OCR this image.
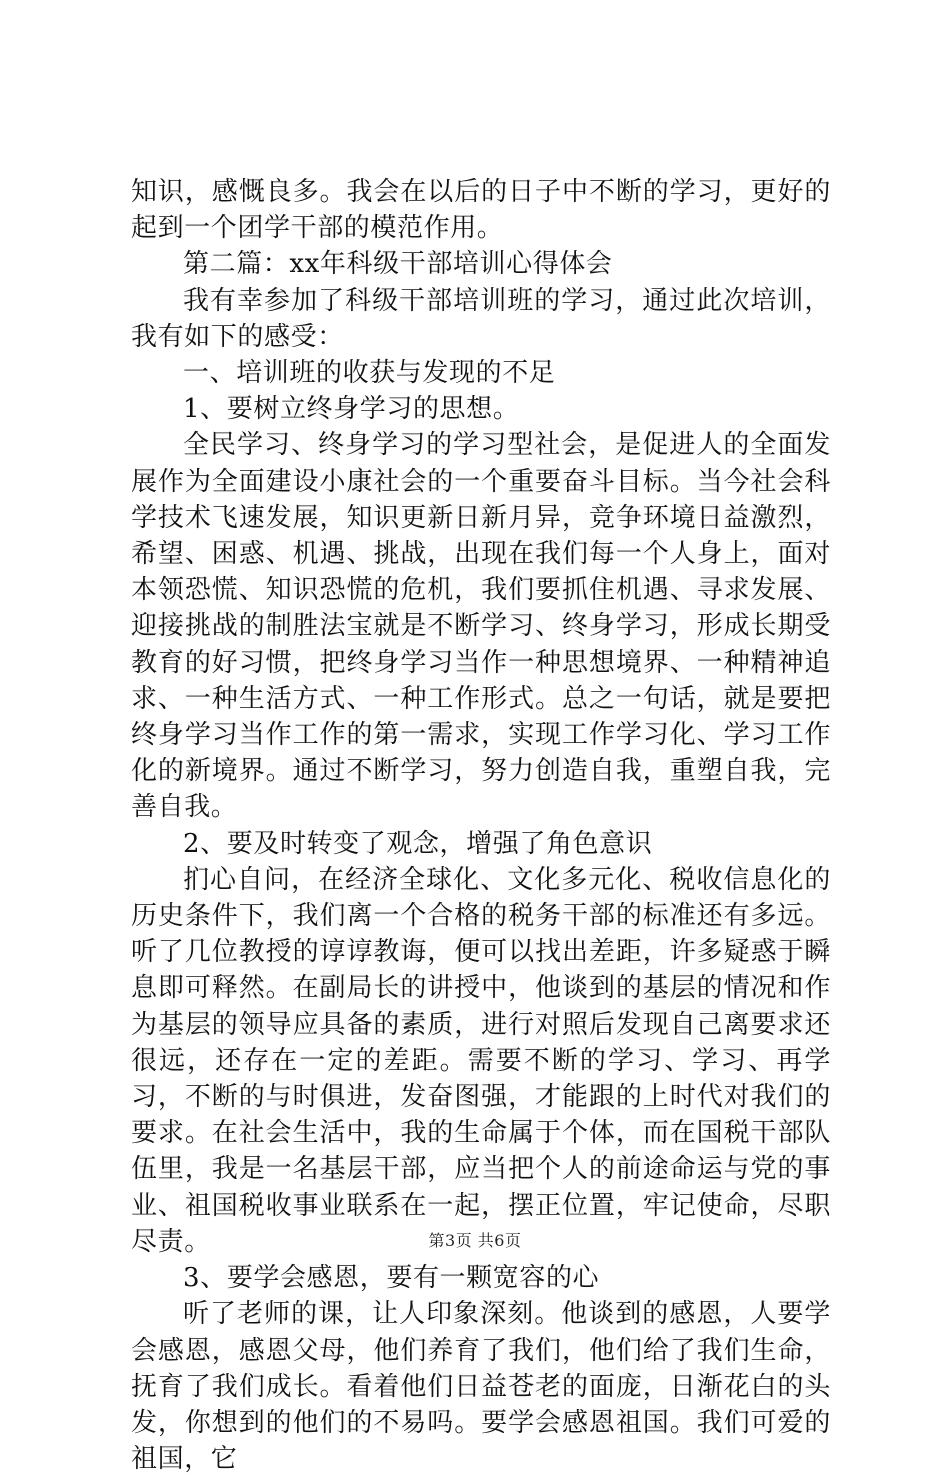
知识，感慨良多。我会在以后的日子中不断的学习，更好的起到一个团学干部的模范作用。

第二篇：xx年科级干部培训心得体会

我有幸参加了科级干部培训班的学习，通过此次培训，我有如下的感受：

一、培训班的收获与发现的不足

1、要树立终身学习的思想。

全民学习、终身学习的学习型社会，是促进人的全面发展作为全面建设小康社会的一个重要奋斗目标。当今社会科学技术飞速发展，知识更新日新月异，竞争环境日益激烈，希望、困惑、机遇、挑战，出现在我们每一个人身上，面对本领恐慌、知识恐慌的危机，我们要抓住机遇、寻求发展、迎接挑战的制胜法宝就是不断学习、终身学习，形成长期受教育的好习惯，把终身学习当作一种思想境界、一种精神追求、一种生活方式、一种工作形式。总之一句话，就是要把终身学习当作工作的第一需求，实现工作学习化、学习工作化的新境界。通过不断学习，努力创造自我，重塑自我，完善自我。

2、要及时转变了观念，增强了角色意识

扪心自问，在经济全球化、文化多元化、税收信息化的历史条件下，我们离一个合格的税务干部的标准还有多远。听了几位教授的谆谆教诲，便可以找出差距，许多疑惑于瞬息即可释然。在副局长的讲授中，他谈到的基层的情况和作为基层的领导应具备的素质，进行对照后发现自己离要求还很远，还存在一定的差距。需要不断的学习、学习、再学习，不断的与时俱进，发奋图强，才能跟的上时代对我们的要求。在社会生活中，我的生命属于个体，而在国税干部队伍里，我是一名基层干部，应当把个人的前途命运与党的事业、祖国税收事业联系在一起，摆正位置，牢记使命，尽职尽责。

3、要学会感恩，要有一颗宽容的心

听了老师的课，让人印象深刻。他谈到的感恩，人要学会感恩，感恩父母，他们养育了我们，他们给了我们生命，抚育了我们成长。看着他们日益苍老的面庞，日渐花白的头发，你想到的他们的不易吗。要学会感恩祖国。我们可爱的祖国，它

第3页 共6页
